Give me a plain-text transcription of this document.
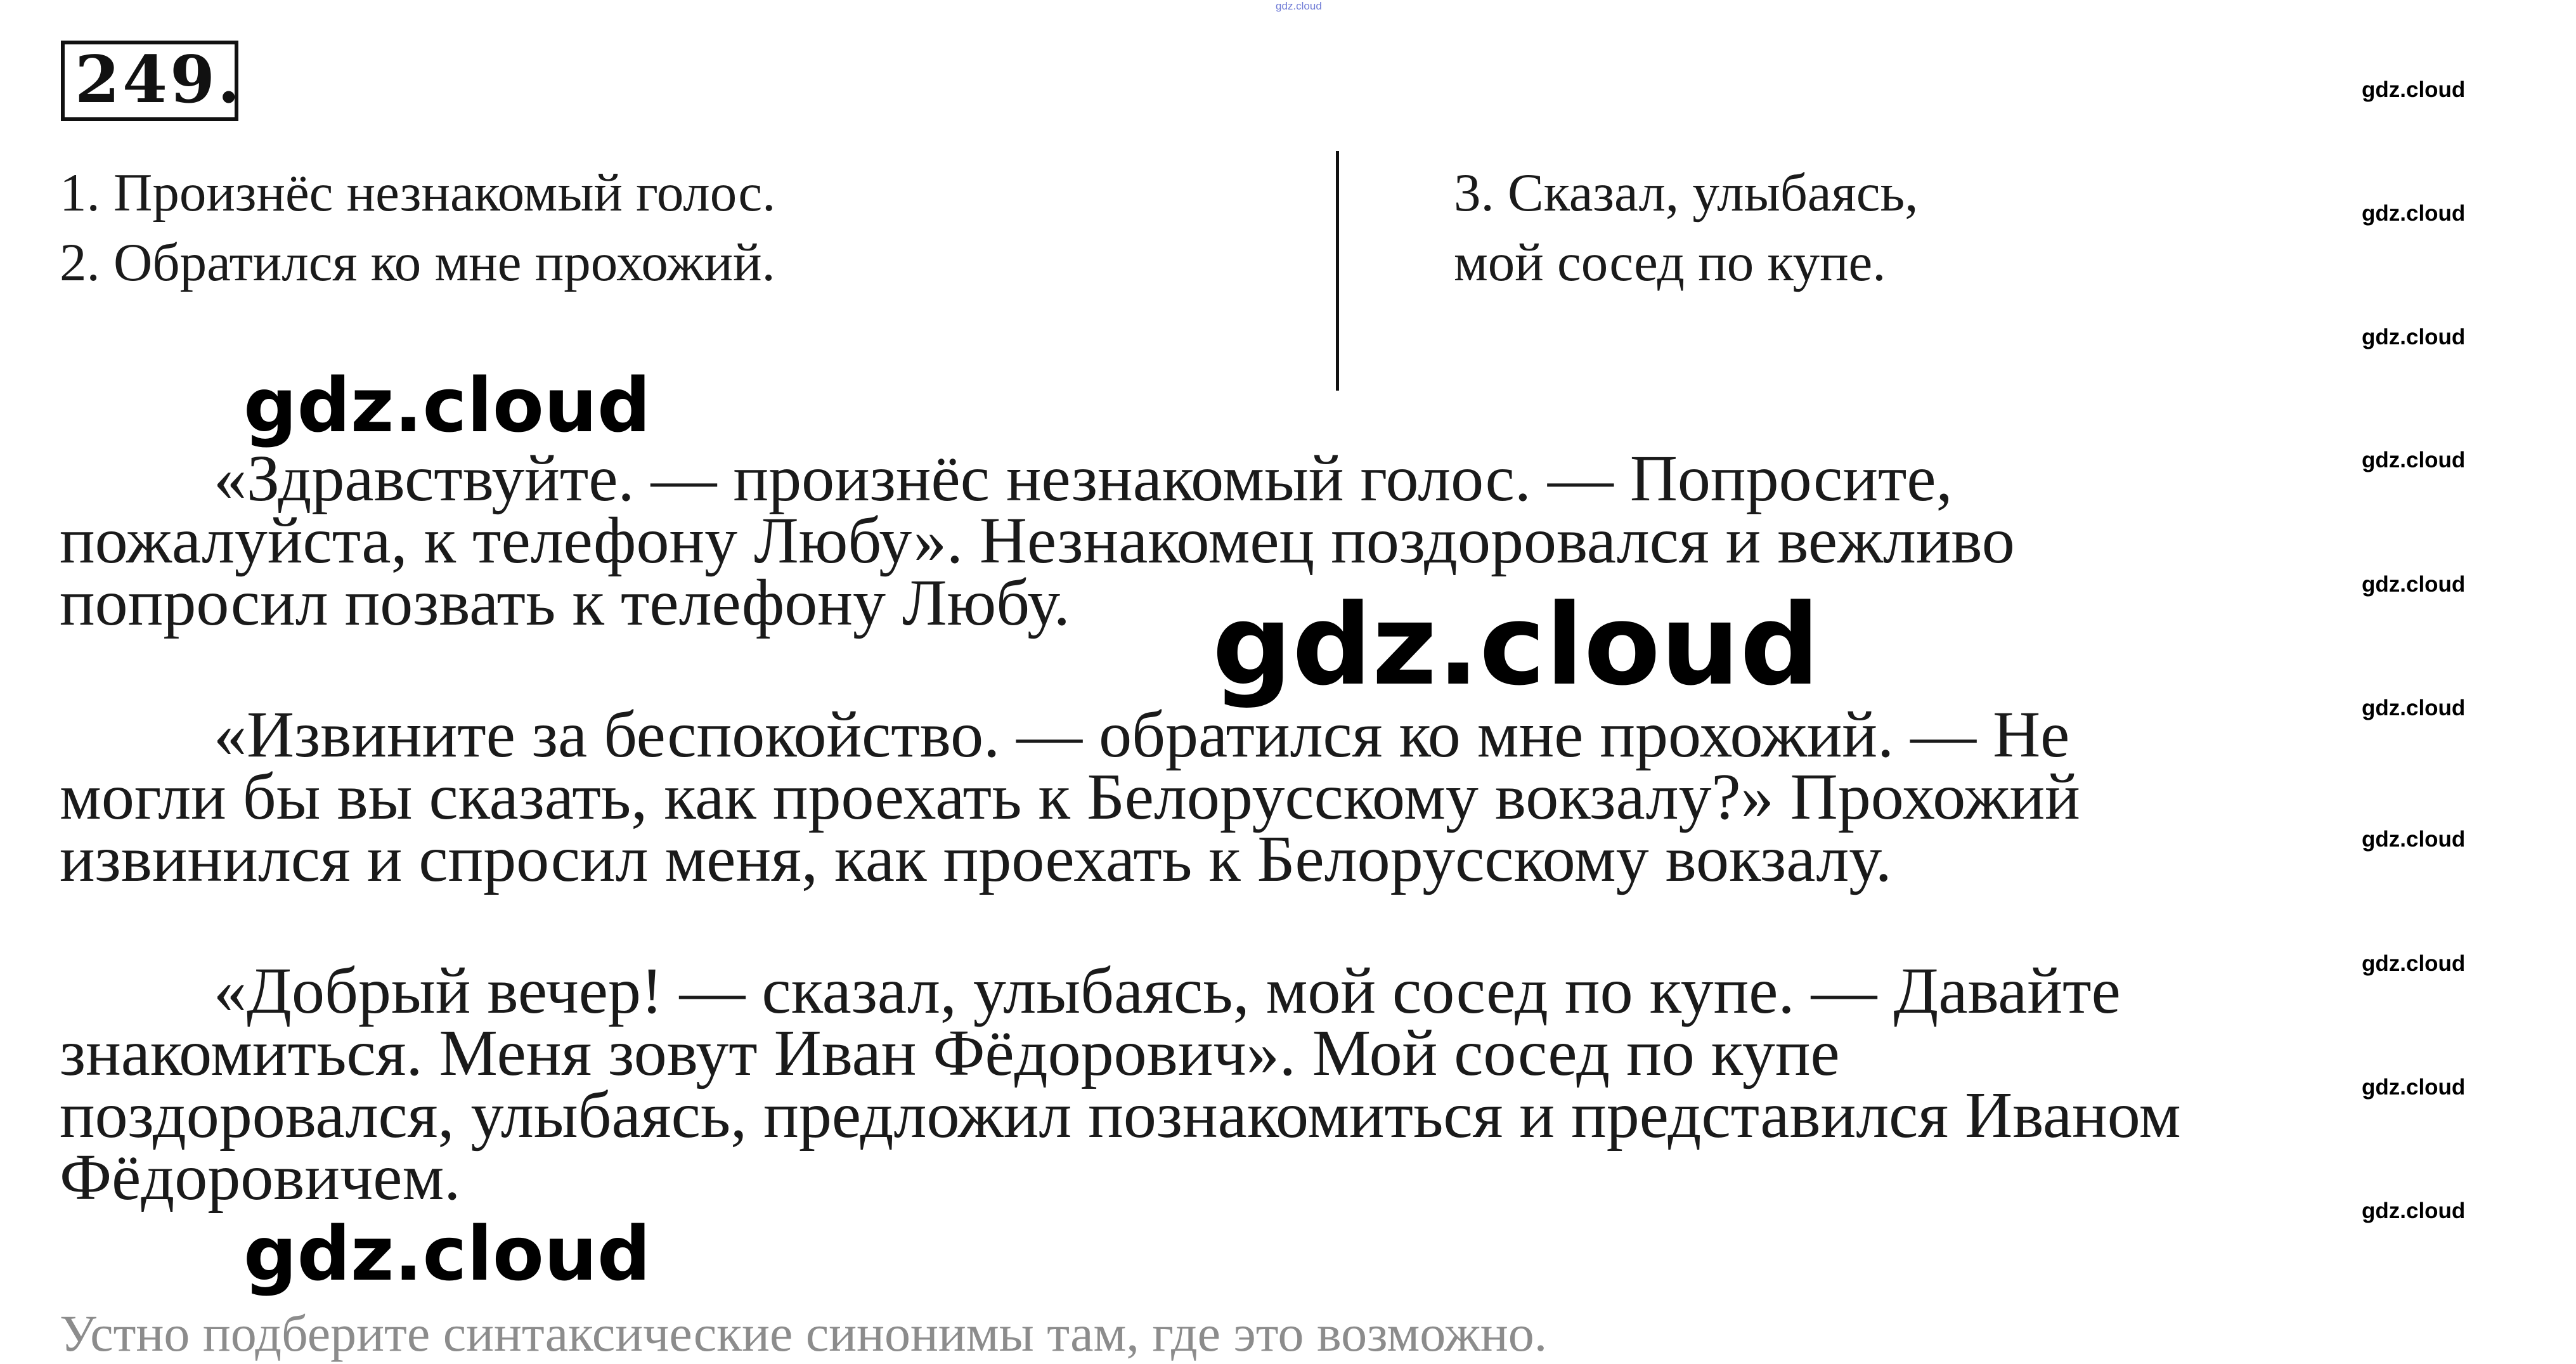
gdz.cloud
249.
1. Произнёс незнакомый голос.
2. Обратился ко мне прохожий.
3. Сказал, улыбаясь,
мой сосед по купе.
«Здравствуйте. — произнёс незнакомый голос. — Попросите,
пожалуйста, к телефону Любу». Незнакомец поздоровался и вежливо
попросил позвать к телефону Любу.
«Извините за беспокойство. — обратился ко мне прохожий. — Не
могли бы вы сказать, как проехать к Белорусскому вокзалу?» Прохожий
извинился и спросил меня, как проехать к Белорусскому вокзалу.
«Добрый вечер! — сказал, улыбаясь, мой сосед по купе. — Давайте
знакомиться. Меня зовут Иван Фёдорович». Мой сосед по купе
поздоровался, улыбаясь, предложил познакомиться и представился Иваном
Фёдоровичем.
Устно подберите синтаксические синонимы там, где это возможно.
gdz.cloud
gdz.cloud
gdz.cloud
gdz.cloud
gdz.cloud
gdz.cloud
gdz.cloud
gdz.cloud
gdz.cloud
gdz.cloud
gdz.cloud
gdz.cloud
gdz.cloud
